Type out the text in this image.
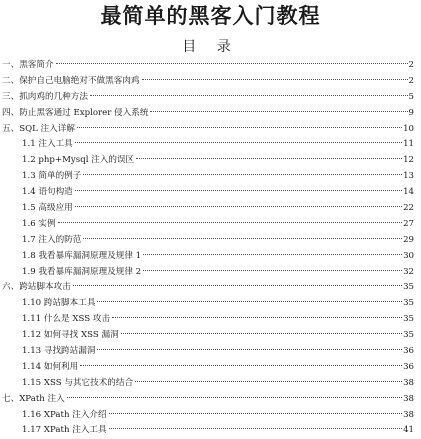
最简单的黑客入门教程
目 录
一、黑客简介	2
二、保护自己电脑绝对不做黑客肉鸡	2
三、抓肉鸡的几种方法	5
四、防止黑客通过 Explorer 侵入系统	9
五、SQL 注入详解	10
1.1 注入工具	11
1.2 php+Mysql 注入的误区	12
1.3 简单的例子	13
1.4 语句构造	14
1.5 高级应用	22
1.6 实例	27
1.7 注入的防范	29
1.8 我看暴库漏洞原理及规律 1	30
1.9 我看暴库漏洞原理及规律 2	32
六、跨站脚本攻击	35
1.10 跨站脚本工具	35
1.11 什么是 XSS 攻击	35
1.12 如何寻找 XSS 漏洞	35
1.13 寻找跨站漏洞	36
1.14 如何利用	36
1.15 XSS 与其它技术的结合	38
七、XPath 注入	38
1.16 XPath 注入介绍	38
1.17 XPath 注入工具	41
